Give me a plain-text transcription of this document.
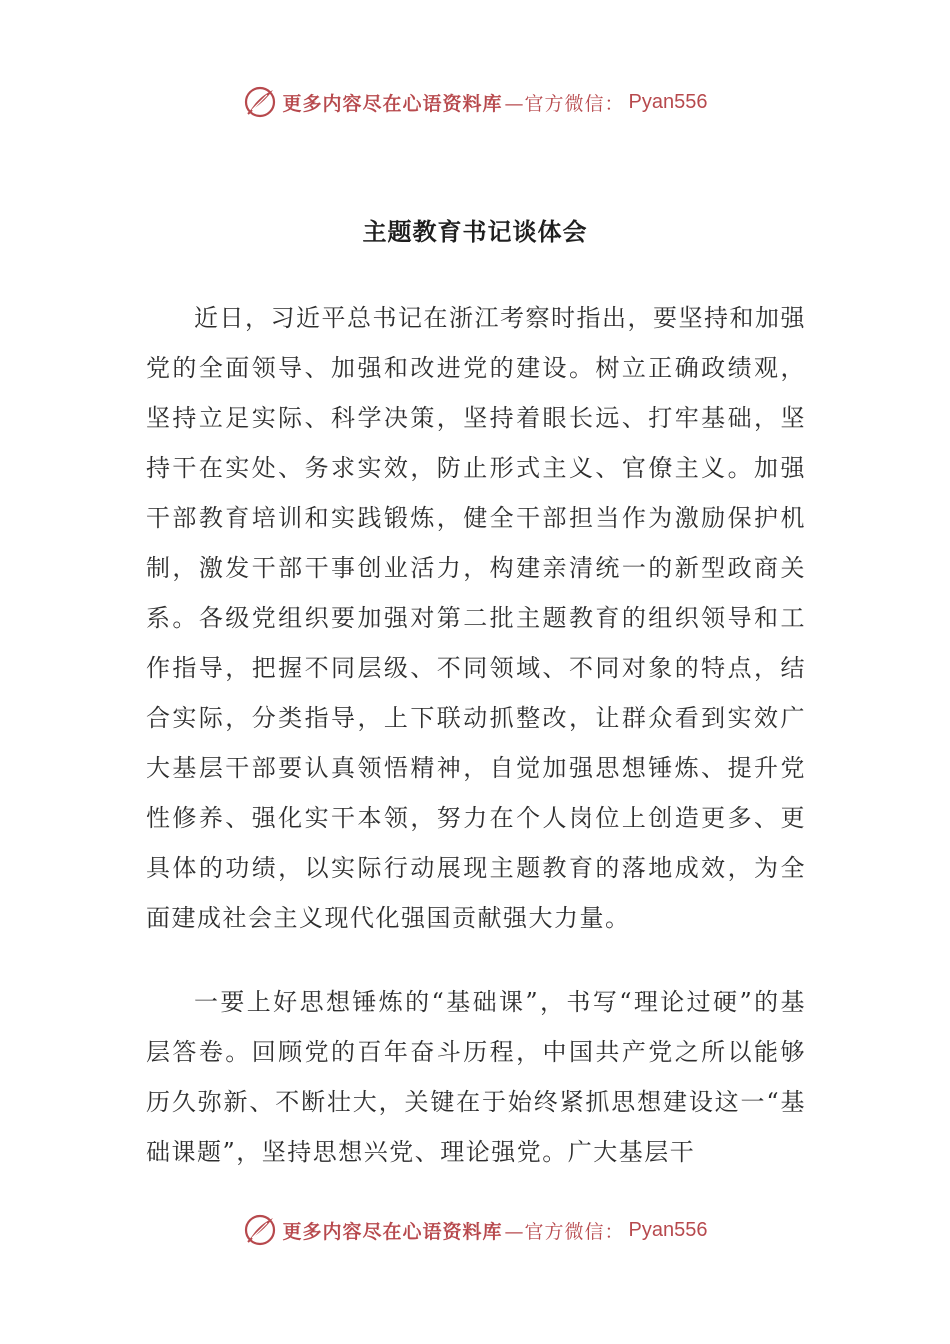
更多内容尽在心语资料库 —官方微信： Pyan556
主题教育书记谈体会

近日，习近平总书记在浙江考察时指出，要坚持和加强党的全面领导、加强和改进党的建设。树立正确政绩观，坚持立足实际、科学决策，坚持着眼长远、打牢基础，坚持干在实处、务求实效，防止形式主义、官僚主义。加强干部教育培训和实践锻炼，健全干部担当作为激励保护机制，激发干部干事创业活力，构建亲清统一的新型政商关系。各级党组织要加强对第二批主题教育的组织领导和工作指导，把握不同层级、不同领域、不同对象的特点，结合实际，分类指导，上下联动抓整改，让群众看到实效广大基层干部要认真领悟精神，自觉加强思想锤炼、提升党性修养、强化实干本领，努力在个人岗位上创造更多、更具体的功绩，以实际行动展现主题教育的落地成效，为全面建成社会主义现代化强国贡献强大力量。

一要上好思想锤炼的“基础课”，书写“理论过硬”的基层答卷。回顾党的百年奋斗历程，中国共产党之所以能够历久弥新、不断壮大，关键在于始终紧抓思想建设这一“基础课题”，坚持思想兴党、理论强党。广大基层干

更多内容尽在心语资料库 —官方微信： Pyan556
